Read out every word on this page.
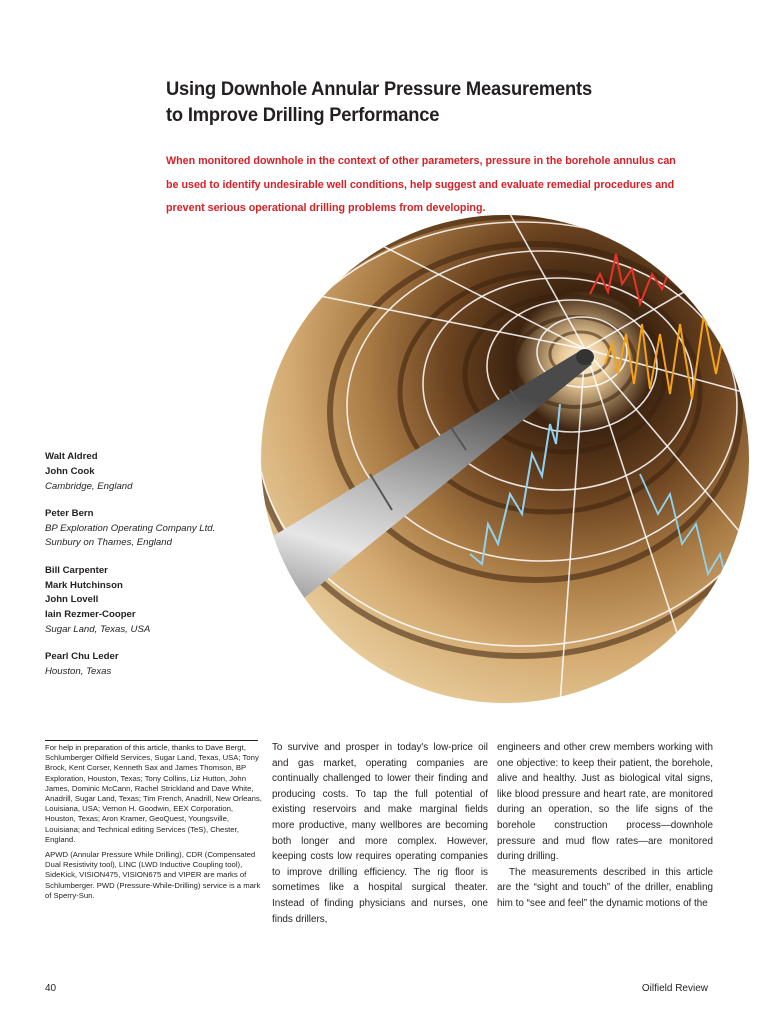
Using Downhole Annular Pressure Measurements
to Improve Drilling Performance
When monitored downhole in the context of other parameters, pressure in the borehole annulus can
be used to identify undesirable well conditions, help suggest and evaluate remedial procedures and
prevent serious operational drilling problems from developing.
Walt Aldred
John Cook
Cambridge, England
Peter Bern
BP Exploration Operating Company Ltd.
Sunbury on Thames, England
Bill Carpenter
Mark Hutchinson
John Lovell
Iain Rezmer-Cooper
Sugar Land, Texas, USA
Pearl Chu Leder
Houston, Texas

For help in preparation of this article, thanks to Dave Bergt, Schlumberger Oilfield Services, Sugar Land, Texas, USA; Tony Brock, Kent Corser, Kenneth Sax and James Thomson, BP Exploration, Houston, Texas; Tony Collins, Liz Hutton, John James, Dominic McCann, Rachel Strickland and Dave White, Anadrill, Sugar Land, Texas; Tim French, Anadrill, New Orleans, Louisiana, USA; Vernon H. Goodwin, EEX Corporation, Houston, Texas; Aron Kramer, GeoQuest, Youngsville, Louisiana; and Technical editing Services (TeS), Chester, England.

APWD (Annular Pressure While Drilling), CDR (Compensated Dual Resistivity tool), LINC (LWD Inductive Coupling tool), SideKick, VISION475, VISION675 and VIPER are marks of Schlumberger. PWD (Pressure-While-Drilling) service is a mark of Sperry-Sun.

To survive and prosper in today's low-price oil and gas market, operating companies are continually challenged to lower their finding and producing costs. To tap the full potential of existing reservoirs and make marginal fields more productive, many wellbores are becoming both longer and more complex. However, keeping costs low requires operating companies to improve drilling efficiency. The rig floor is sometimes like a hospital surgical theater. Instead of finding physicians and nurses, one finds drillers,

engineers and other crew members working with one objective: to keep their patient, the borehole, alive and healthy. Just as biological vital signs, like blood pressure and heart rate, are monitored during an operation, so the life signs of the borehole construction process—downhole pressure and mud flow rates—are monitored during drilling.

The measurements described in this article are the “sight and touch” of the driller, enabling him to “see and feel” the dynamic motions of the

40	Oilfield Review
